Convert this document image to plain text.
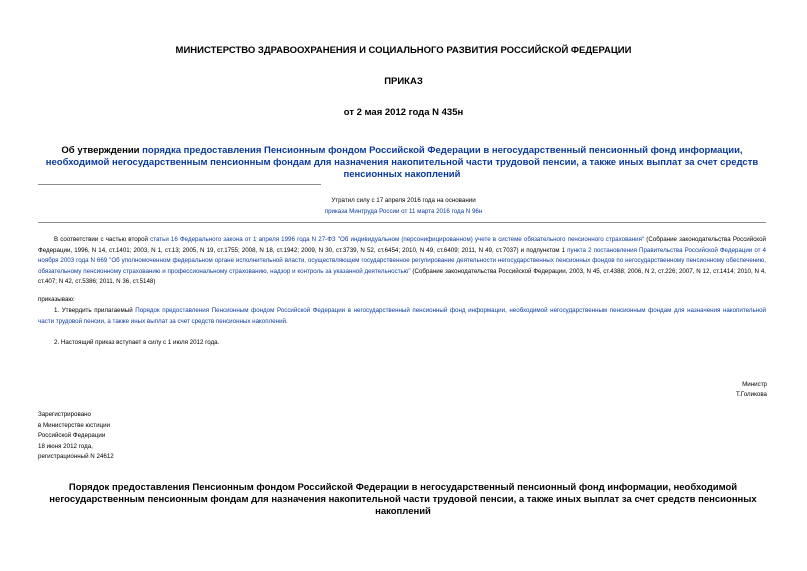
МИНИСТЕРСТВО ЗДРАВООХРАНЕНИЯ И СОЦИАЛЬНОГО РАЗВИТИЯ РОССИЙСКОЙ ФЕДЕРАЦИИ
ПРИКАЗ
от 2 мая 2012 года N 435н
Об утверждении порядка предоставления Пенсионным фондом Российской Федерации в негосударственный пенсионный фонд информации, необходимой негосударственным пенсионным фондам для назначения накопительной части трудовой пенсии, а также иных выплат за счет средств пенсионных накоплений
Утратил силу с 17 апреля 2016 года на основании
приказа Минтруда России от 11 марта 2016 года N 96н
В соответствии с частью второй статьи 16 Федерального закона от 1 апреля 1996 года N 27-ФЗ "Об индивидуальном (персонифицированном) учете в системе обязательного пенсионного страхования" (Собрание законодательства Российской Федерации, 1996, N 14, ст.1401; 2003, N 1, ст.13; 2005, N 19, ст.1755; 2008, N 18, ст.1942; 2009, N 30, ст.3739, N 52, ст.6454; 2010, N 49, ст.6409; 2011, N 49, ст.7037) и подпунктом 1 пункта 2 постановления Правительства Российской Федерации от 4 ноября 2003 года N 669 "Об уполномоченном федеральном органе исполнительной власти, осуществляющем государственное регулирование деятельности негосударственных пенсионных фондов по негосударственному пенсионному обеспечению, обязательному пенсионному страхованию и профессиональному страхованию, надзор и контроль за указанной деятельностью" (Собрание законодательства Российской Федерации, 2003, N 45, ст.4388; 2006, N 2, ст.226; 2007, N 12, ст.1414; 2010, N 4, ст.407; N 42, ст.5386; 2011, N 36, ст.5148)
приказываю:
1. Утвердить прилагаемый Порядок предоставления Пенсионным фондом Российской Федерации в негосударственный пенсионный фонд информации, необходимой негосударственным пенсионным фондам для назначения накопительной части трудовой пенсии, а также иных выплат за счет средств пенсионных накоплений.
2. Настоящий приказ вступает в силу с 1 июля 2012 года.
Министр
Т.Голикова
Зарегистрировано
в Министерстве юстиции
Российской Федерации
18 июня 2012 года,
регистрационный N 24612
Порядок предоставления Пенсионным фондом Российской Федерации в негосударственный пенсионный фонд информации, необходимой негосударственным пенсионным фондам для назначения накопительной части трудовой пенсии, а также иных выплат за счет средств пенсионных накоплений
